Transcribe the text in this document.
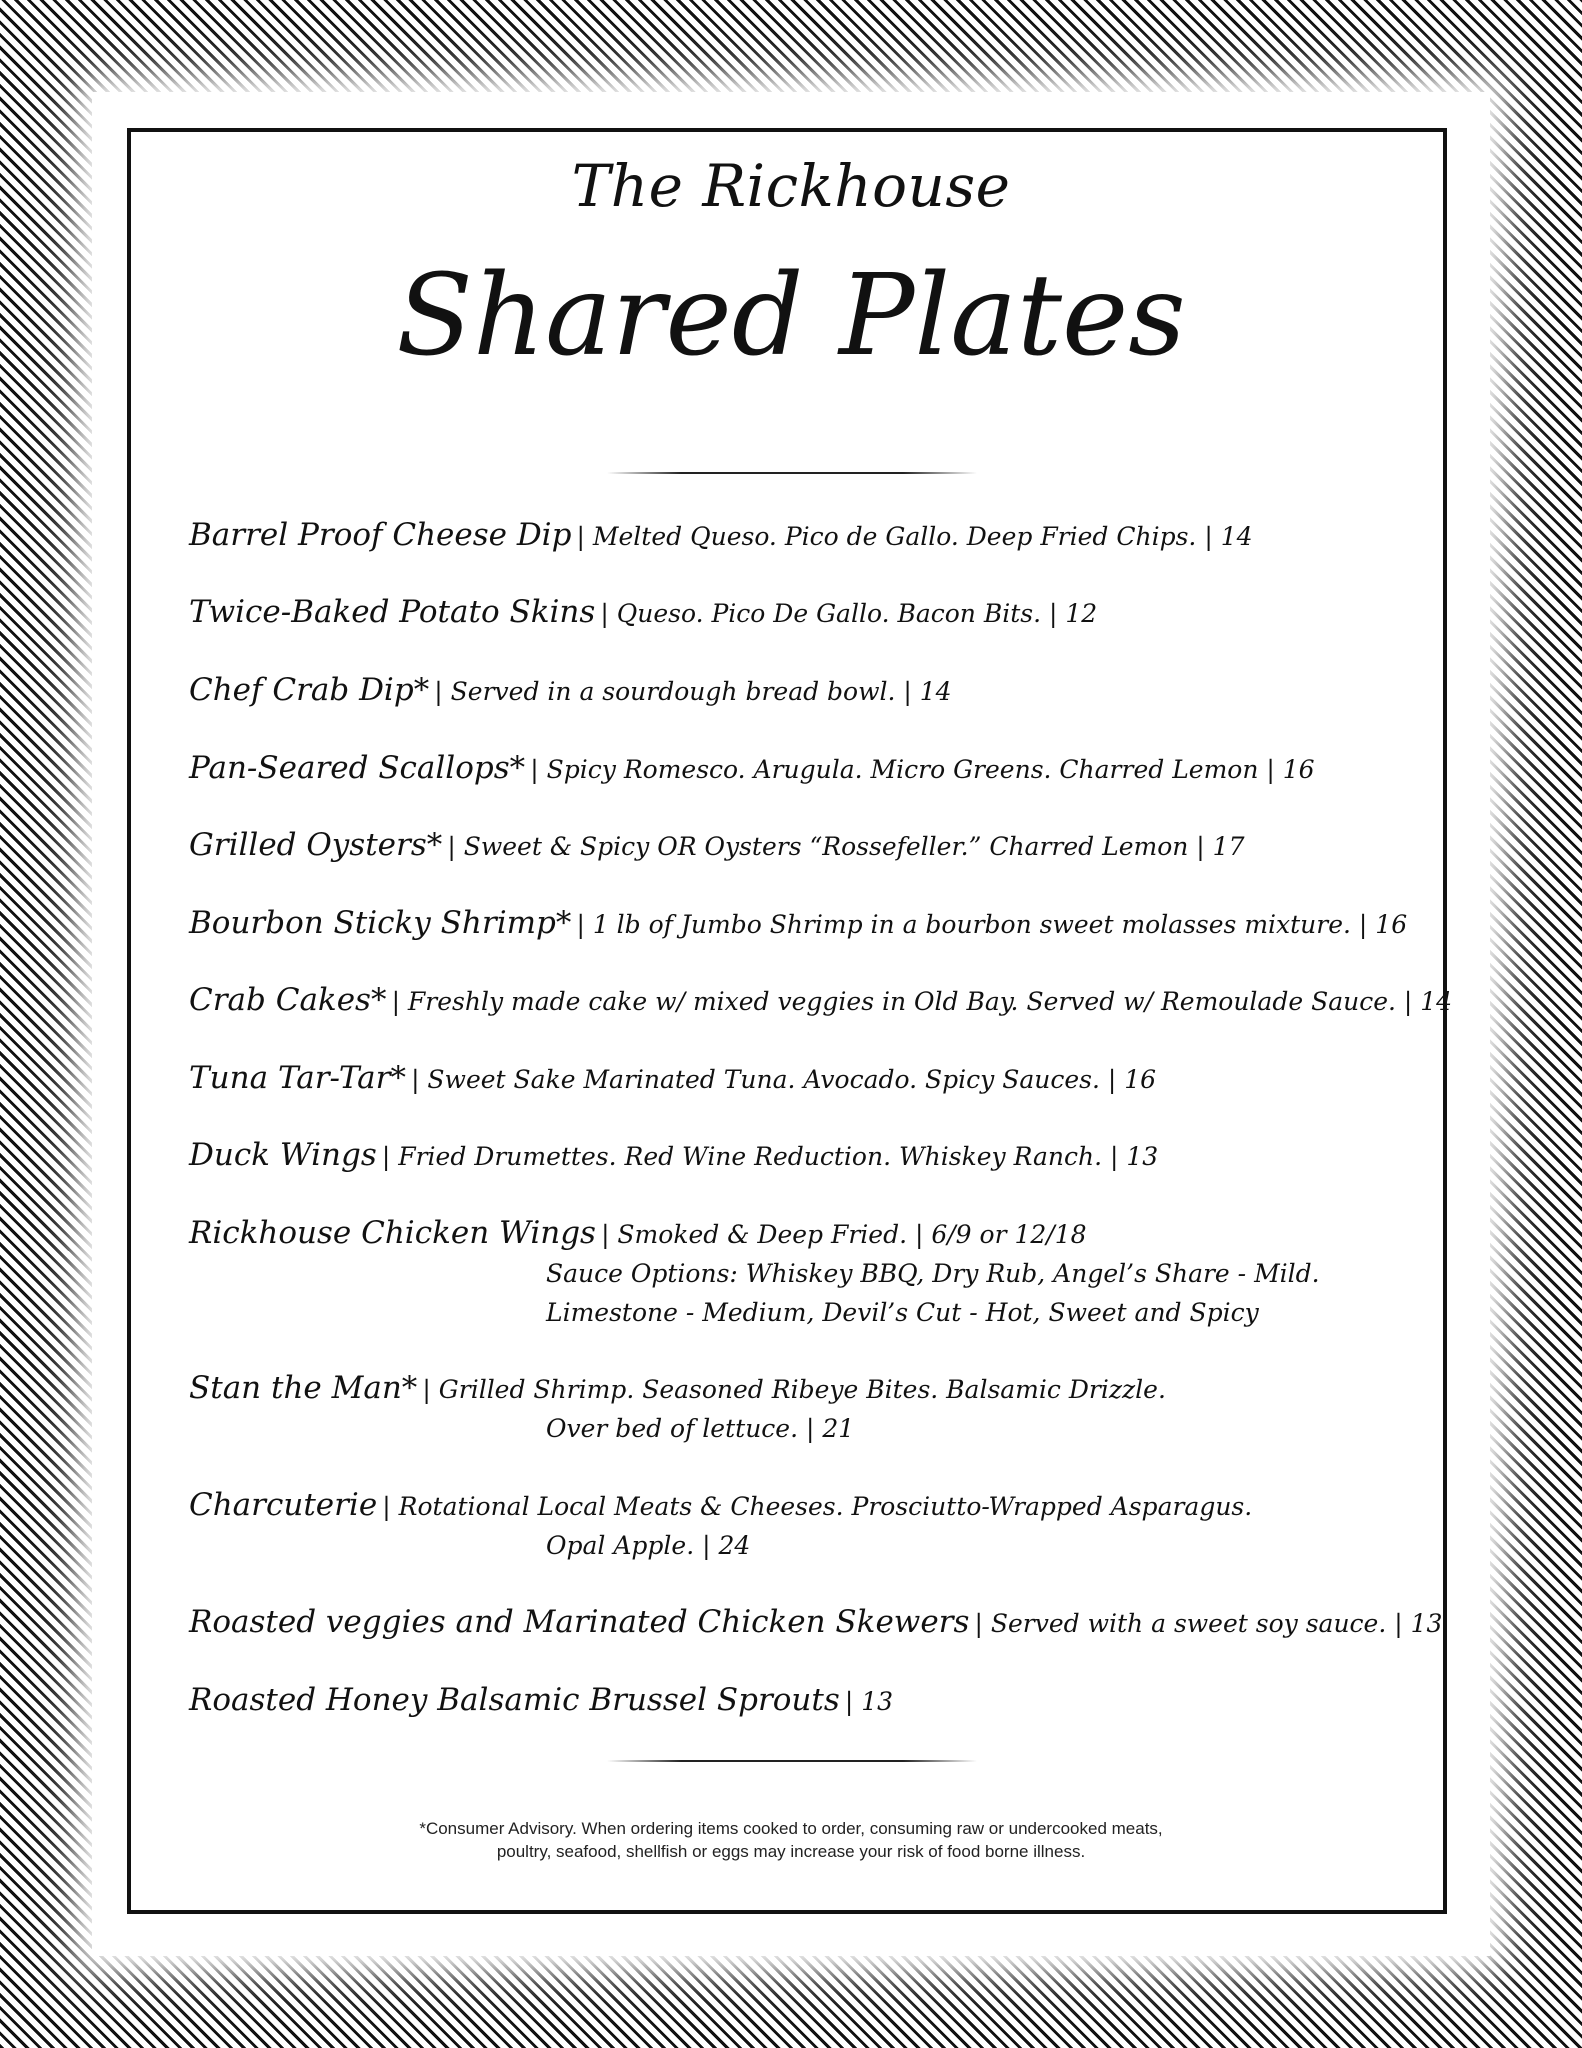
The Rickhouse
Shared Plates
Barrel Proof Cheese Dip | Melted Queso. Pico de Gallo. Deep Fried Chips. | 14
Twice-Baked Potato Skins | Queso. Pico De Gallo. Bacon Bits. | 12
Chef Crab Dip* | Served in a sourdough bread bowl. | 14
Pan-Seared Scallops* | Spicy Romesco. Arugula. Micro Greens. Charred Lemon | 16
Grilled Oysters* | Sweet & Spicy OR Oysters “Rossefeller.” Charred Lemon | 17
Bourbon Sticky Shrimp* | 1 lb of Jumbo Shrimp in a bourbon sweet molasses mixture. | 16
Crab Cakes* | Freshly made cake w/ mixed veggies in Old Bay. Served w/ Remoulade Sauce. | 14
Tuna Tar-Tar* | Sweet Sake Marinated Tuna. Avocado. Spicy Sauces. | 16
Duck Wings | Fried Drumettes. Red Wine Reduction. Whiskey Ranch. | 13
Rickhouse Chicken Wings | Smoked & Deep Fried. | 6/9 or 12/18
Sauce Options: Whiskey BBQ, Dry Rub, Angel’s Share - Mild.
Limestone - Medium, Devil’s Cut - Hot, Sweet and Spicy
Stan the Man* | Grilled Shrimp. Seasoned Ribeye Bites. Balsamic Drizzle.
Over bed of lettuce. | 21
Charcuterie | Rotational Local Meats & Cheeses. Prosciutto-Wrapped Asparagus.
Opal Apple. | 24
Roasted veggies and Marinated Chicken Skewers | Served with a sweet soy sauce. | 13
Roasted Honey Balsamic Brussel Sprouts | 13
*Consumer Advisory. When ordering items cooked to order, consuming raw or undercooked meats,
poultry, seafood, shellfish or eggs may increase your risk of food borne illness.
